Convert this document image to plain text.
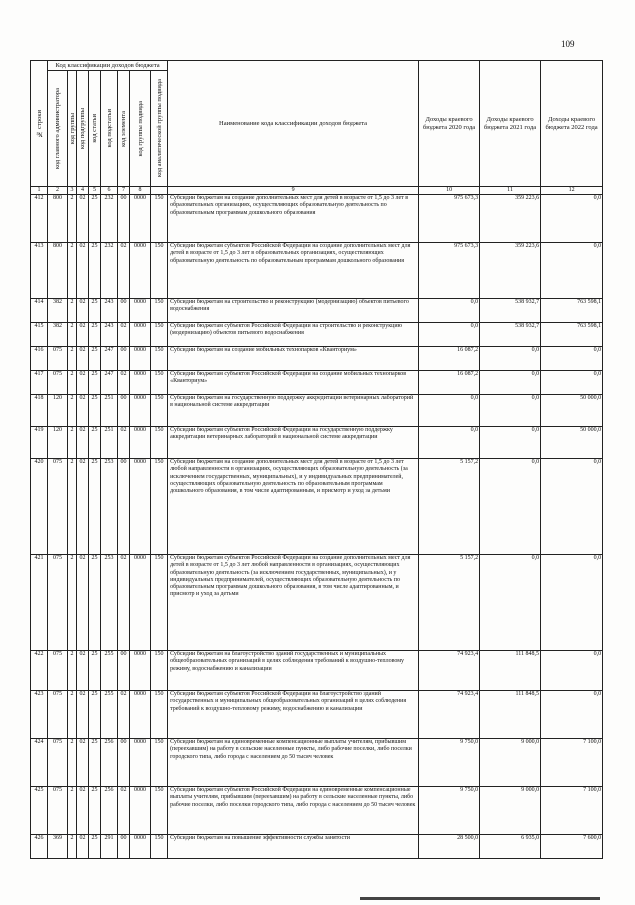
109
№ строки	Код классификации доходов бюджета								Наименование кода классификации доходов бюджета	Доходы краевого бюджета 2020 года	Доходы краевого бюджета 2021 года	Доходы краевого бюджета 2022 года

	код главного администратора	код группы	код подгруппы	код статьи	код подстатьи	код элемента	код группы подвида	код аналитической группы подвида				

1	2	3	4	5	6	7	8		9	10	11	12
412	800	2	02	25	232	00	0000	150	Субсидии бюджетам на создание дополнительных мест для детей в возрасте от 1,5 до 3 лет в образовательных организациях, осуществляющих образовательную деятельность по образовательным программам дошкольного образования	975 673,3	359 223,6	0,0
413	800	2	02	25	232	02	0000	150	Субсидии бюджетам субъектов Российской Федерации на создание дополнительных мест для детей в возрасте от 1,5 до 3 лет в образовательных организациях, осуществляющих образовательную деятельность по образовательным программам дошкольного образования	975 673,3	359 223,6	0,0
414	382	2	02	25	243	00	0000	150	Субсидии бюджетам на строительство и реконструкцию (модернизацию) объектов питьевого водоснабжения	0,0	538 932,7	763 598,1
415	382	2	02	25	243	02	0000	150	Субсидии бюджетам субъектов Российской Федерации на строительство и реконструкцию (модернизацию) объектов питьевого водоснабжения	0,0	538 932,7	763 598,1
416	075	2	02	25	247	00	0000	150	Субсидии бюджетам на создание мобильных технопарков «Кванториум»	16 087,2	0,0	0,0
417	075	2	02	25	247	02	0000	150	Субсидии бюджетам субъектов Российской Федерации на создание мобильных технопарков «Кванториум»	16 087,2	0,0	0,0
418	120	2	02	25	251	00	0000	150	Субсидии бюджетам на государственную поддержку аккредитации ветеринарных лабораторий в национальной системе аккредитации	0,0	0,0	50 000,0
419	120	2	02	25	251	02	0000	150	Субсидии бюджетам субъектов Российской Федерации на государственную поддержку аккредитации ветеринарных лабораторий в национальной системе аккредитации	0,0	0,0	50 000,0
420	075	2	02	25	253	00	0000	150	Субсидии бюджетам на создание дополнительных мест для детей в возрасте от 1,5 до 3 лет любой направленности в организациях, осуществляющих образовательную деятельность (за исключением государственных, муниципальных), и у индивидуальных предпринимателей, осуществляющих образовательную деятельность по образовательным программам дошкольного образования, в том числе адаптированным, и присмотр и уход за детьми	5 157,2	0,0	0,0
421	075	2	02	25	253	02	0000	150	Субсидии бюджетам субъектов Российской Федерации на создание дополнительных мест для детей в возрасте от 1,5 до 3 лет любой направленности в организациях, осуществляющих образовательную деятельность (за исключением государственных, муниципальных), и у индивидуальных предпринимателей, осуществляющих образовательную деятельность по образовательным программам дошкольного образования, в том числе адаптированным, и присмотр и уход за детьми	5 157,2	0,0	0,0
422	075	2	02	25	255	00	0000	150	Субсидии бюджетам на благоустройство зданий государственных и муниципальных общеобразовательных организаций в целях соблюдения требований к воздушно-тепловому режиму, водоснабжению и канализации	74 923,4	111 848,5	0,0
423	075	2	02	25	255	02	0000	150	Субсидии бюджетам субъектов Российской Федерации на благоустройство зданий государственных и муниципальных общеобразовательных организаций в целях соблюдения требований к воздушно-тепловому режиму, водоснабжению и канализации	74 923,4	111 848,5	0,0
424	075	2	02	25	256	00	0000	150	Субсидии бюджетам на единовременные компенсационные выплаты учителям, прибывшим (переехавшим) на работу в сельские населенные пункты, либо рабочие поселки, либо поселки городского типа, либо города с населением до 50 тысяч человек	9 750,0	9 000,0	7 100,0
425	075	2	02	25	256	02	0000	150	Субсидии бюджетам субъектов Российской Федерации на единовременные компенсационные выплаты учителям, прибывшим (переехавшим) на работу в сельские населенные пункты, либо рабочие поселки, либо поселки городского типа, либо города с населением до 50 тысяч человек	9 750,0	9 000,0	7 100,0
426	369	2	02	25	291	00	0000	150	Субсидии бюджетам на повышение эффективности службы занятости	28 500,0	6 935,0	7 600,0
